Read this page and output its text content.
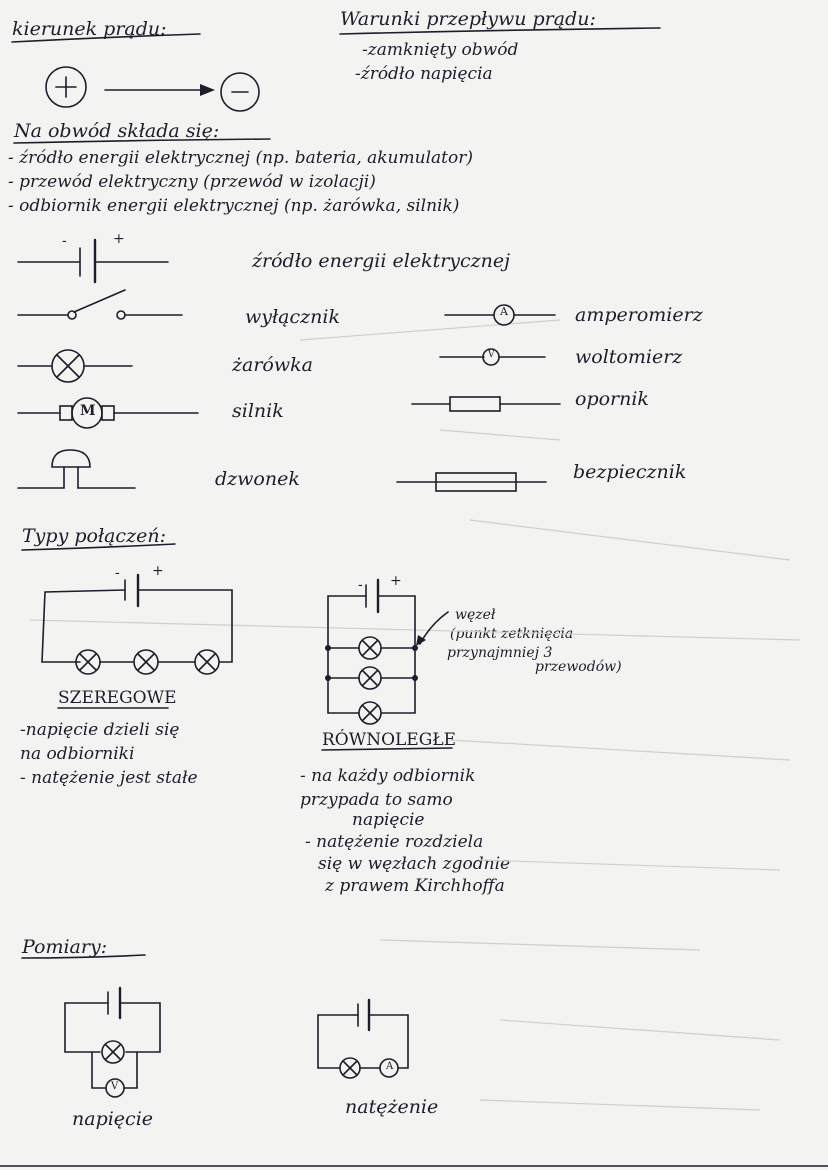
kierunek prądu:	Warunki przepływu prądu:
-zamknięty obwód
-źródło napięcia
Na obwód składa się:
- źródło energii elektrycznej (np. bateria, akumulator)
- przewód elektryczny (przewód w izolacji)
- odbiornik energii elektrycznej (np. żarówka, silnik)
-	+
źródło energii elektrycznej
wyłącznik
żarówka
silnik
dzwonek
amperomierz
woltomierz
opornik
bezpiecznik
M
A
V
Typy połączeń:
- +
- +
SZEREGOWE
-napięcie dzieli się
na odbiorniki
- natężenie jest stałe
węzeł
(punkt zetknięcia
przynajmniej 3
przewodów)
RÓWNOLEGŁE
- na każdy odbiornik
przypada to samo
napięcie
- natężenie rozdziela
się w węzłach zgodnie
z prawem Kirchhoffa
Pomiary:
napięcie
natężenie
V
A
